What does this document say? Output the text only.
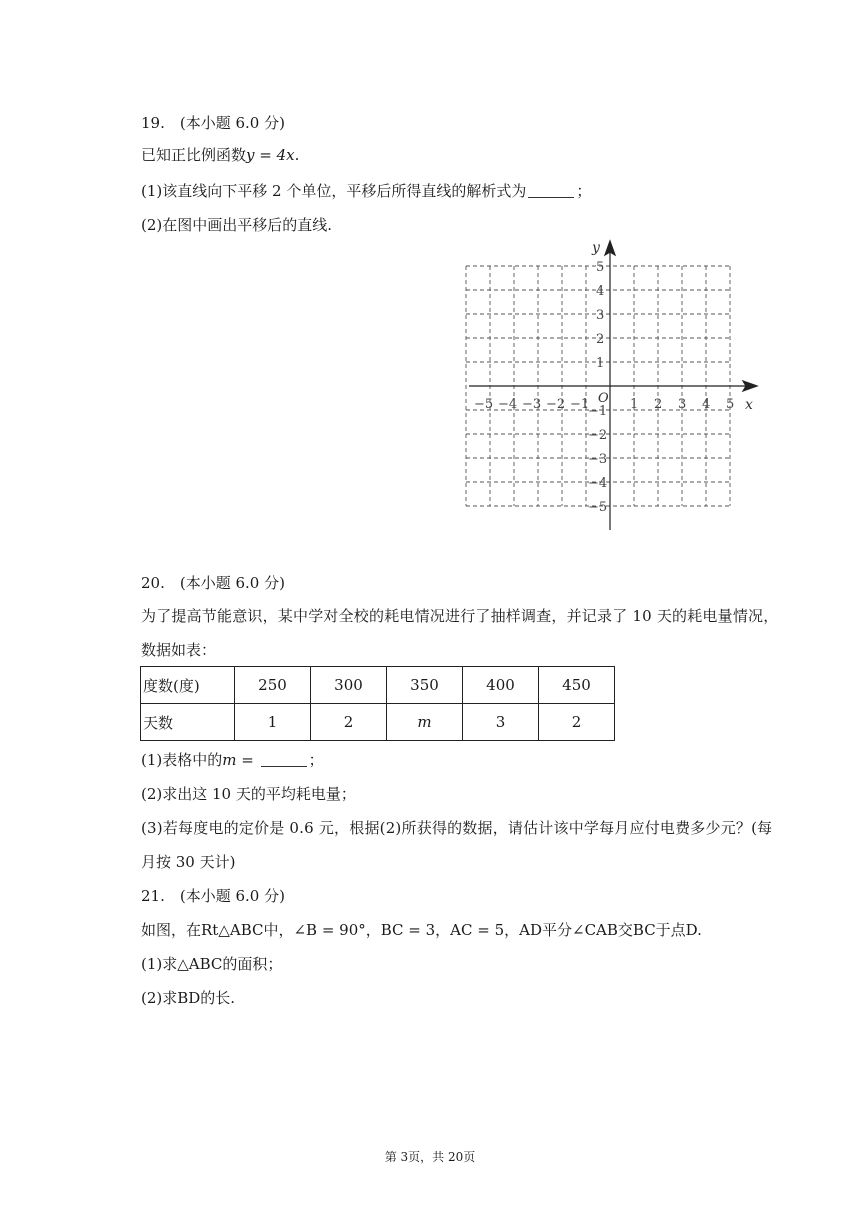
19.　(本小题 6.0 分)
已知正比例函数y = 4x.
(1)该直线向下平移 2 个单位，平移后所得直线的解析式为	；
(2)在图中画出平移后的直线.
y
x
O
−5 −4 −3 −2 −1	1 2 3 4 5
5
4
3
2
1
−1
−2
−3
−4
−5
20.　(本小题 6.0 分)
为了提高节能意识，某中学对全校的耗电情况进行了抽样调查，并记录了 10 天的耗电量情况，
数据如表：
度数(度)	250	300	350	400	450
天数	1	2	m	3	2
(1)表格中的m =	；
(2)求出这 10 天的平均耗电量；
(3)若每度电的定价是 0.6 元，根据(2)所获得的数据，请估计该中学每月应付电费多少元？(每
月按 30 天计)
21.　(本小题 6.0 分)
如图，在Rt△ABC中，∠B = 90°，BC = 3，AC = 5，AD平分∠CAB交BC于点D.
(1)求△ABC的面积；
(2)求BD的长.
第 3页，共 20页
